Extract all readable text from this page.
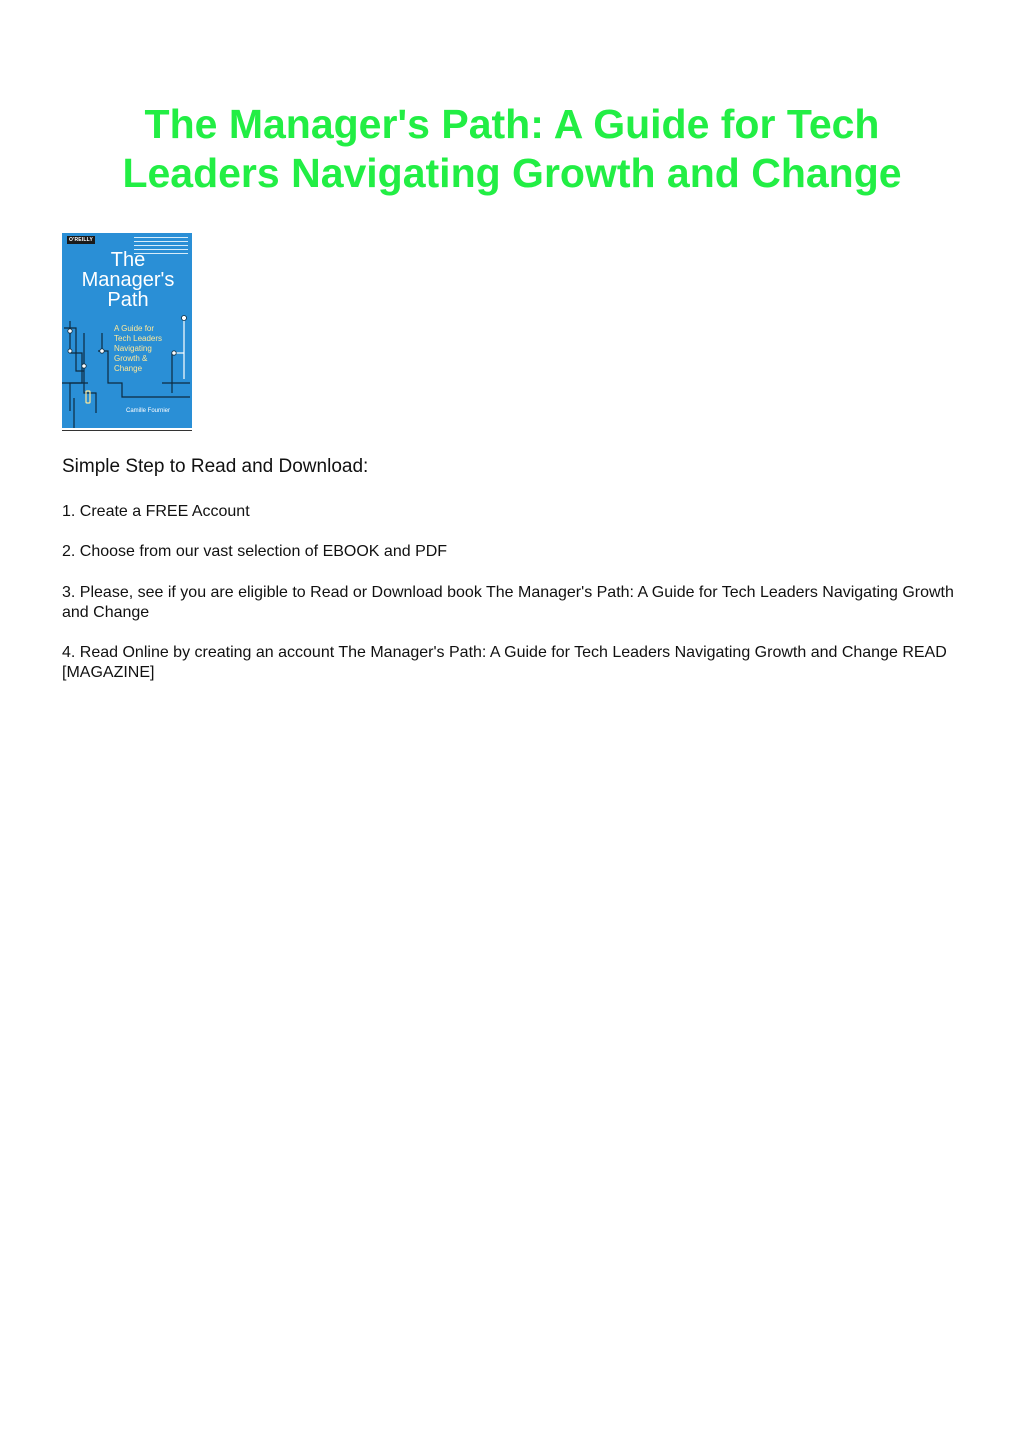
The Manager's Path: A Guide for Tech Leaders Navigating Growth and Change
O'REILLY
The
Manager's
Path
A Guide for
Tech Leaders
Navigating
Growth &
Change
Camille Fournier
Simple Step to Read and Download:

1. Create a FREE Account

2. Choose from our vast selection of EBOOK and PDF

3. Please, see if you are eligible to Read or Download book The Manager's Path: A Guide for Tech Leaders Navigating Growth and Change

4. Read Online by creating an account The Manager's Path: A Guide for Tech Leaders Navigating Growth and Change READ [MAGAZINE]
